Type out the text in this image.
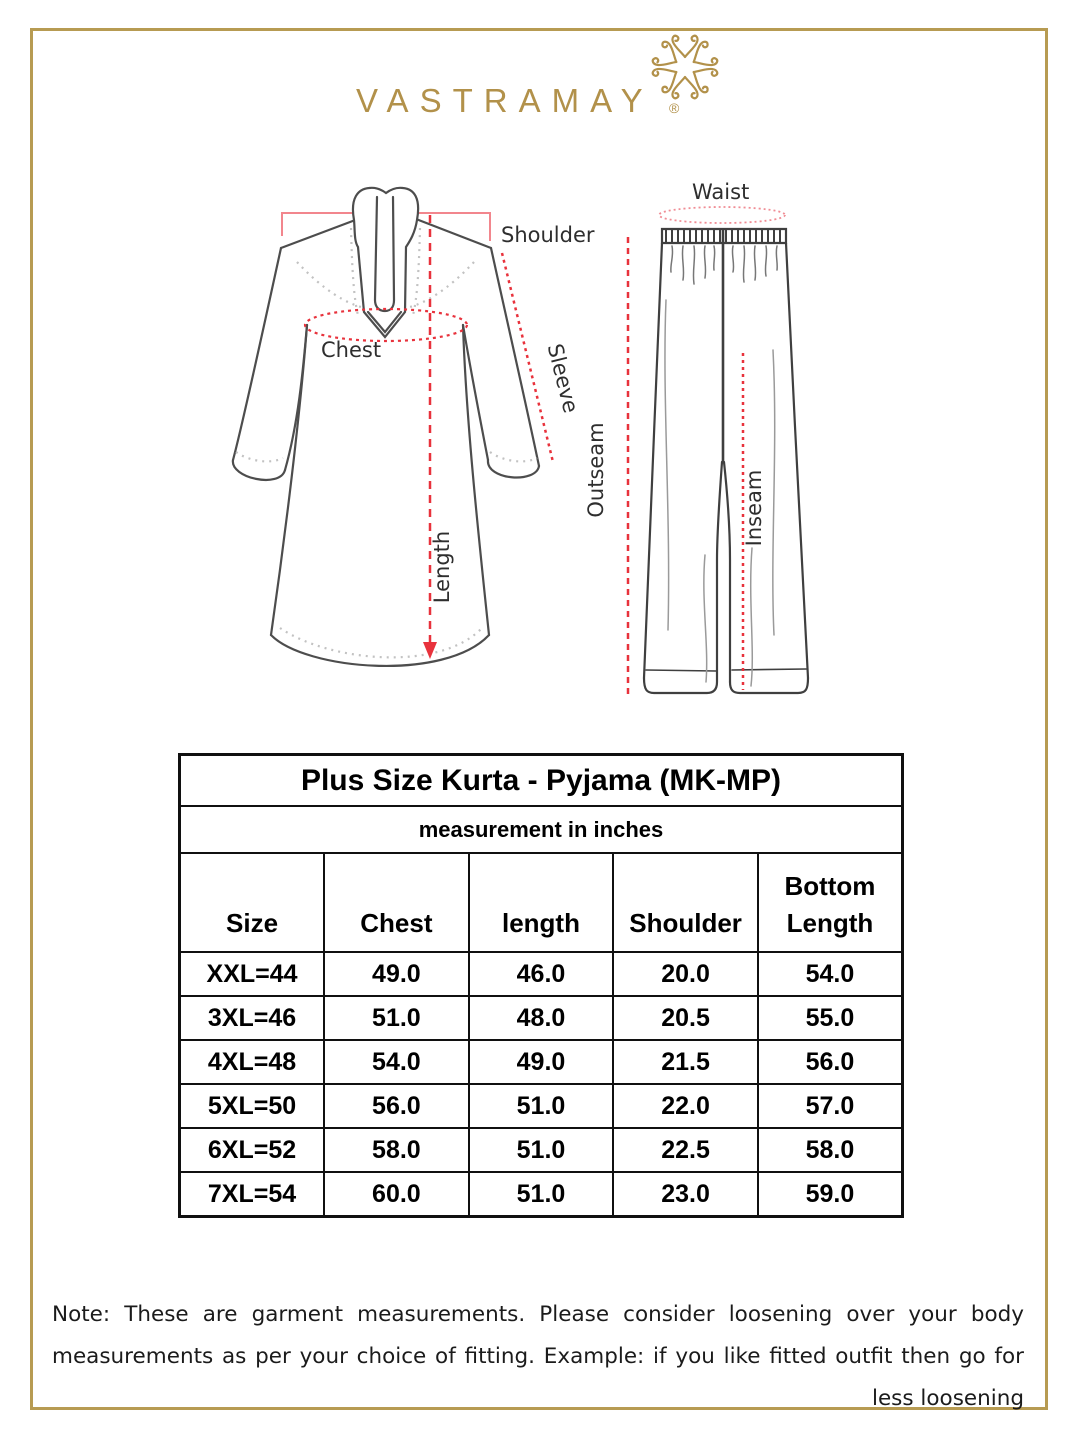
VASTRAMAY ®
Shoulder
Chest	Sleeve
Length
Waist
Outseam	Inseam
Plus Size Kurta - Pyjama (MK-MP)				
measurement in inches				
Size	Chest	length	Shoulder	Bottom Length
XXL=44	49.0	46.0	20.0	54.0
3XL=46	51.0	48.0	20.5	55.0
4XL=48	54.0	49.0	21.5	56.0
5XL=50	56.0	51.0	22.0	57.0
6XL=52	58.0	51.0	22.5	58.0
7XL=54	60.0	51.0	23.0	59.0

Note: These are garment measurements. Please consider loosening over your body measurements as per your choice of fitting. Example: if you like fitted outfit then go for less loosening
